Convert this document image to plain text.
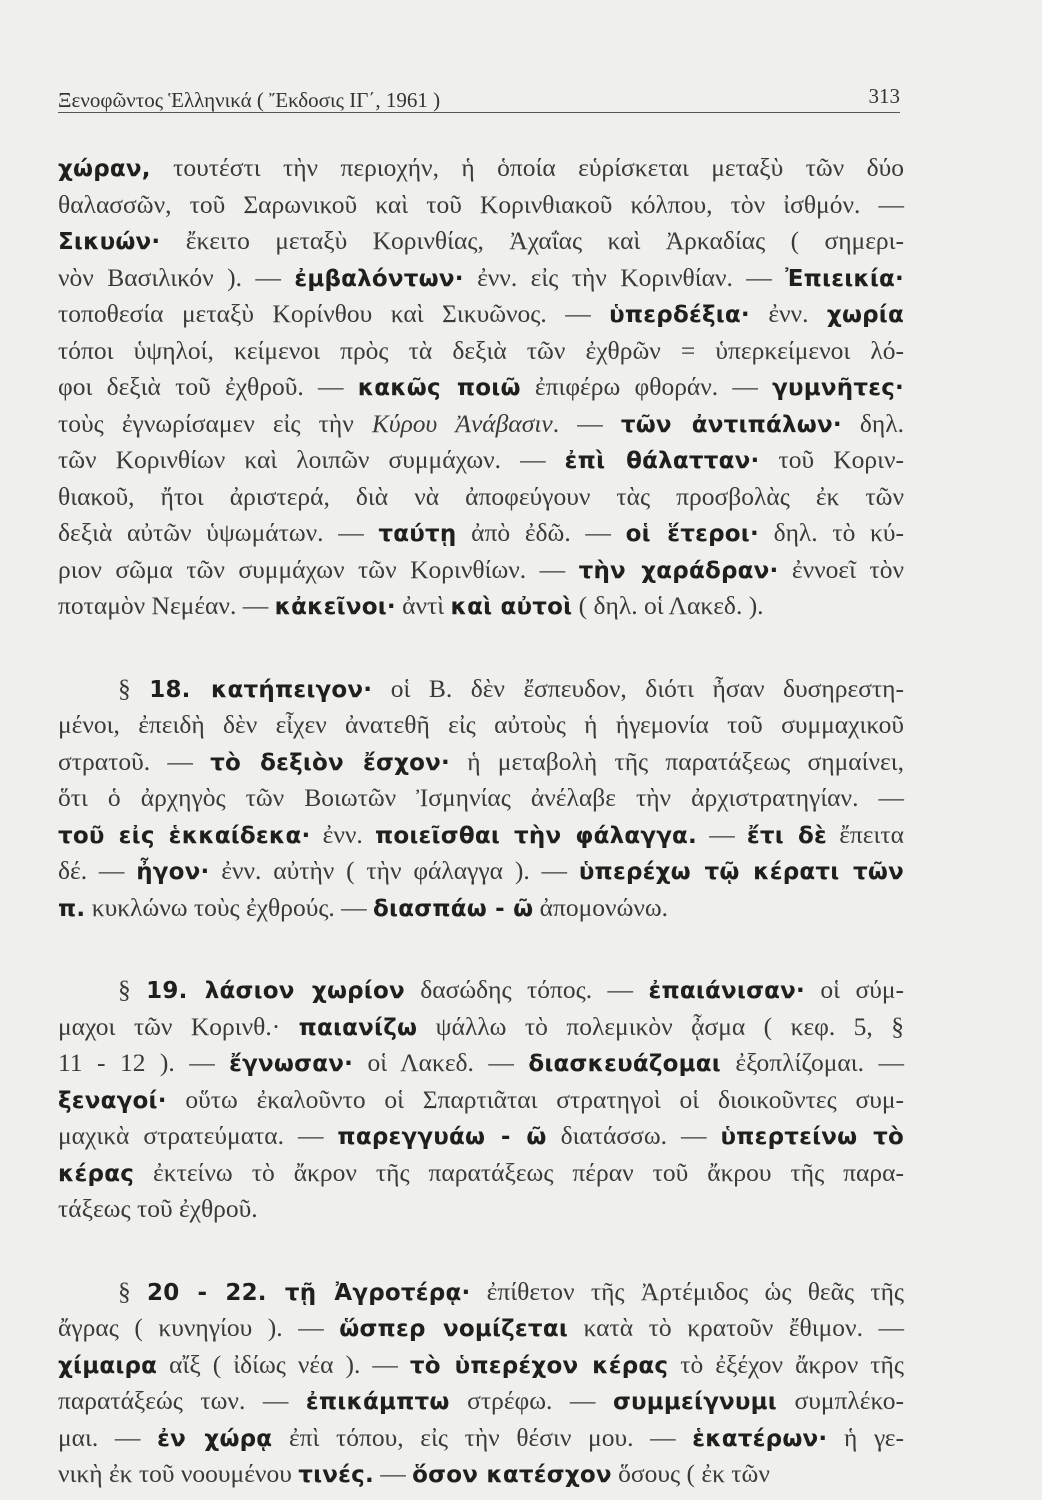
Ξενοφῶντος Ἑλληνικά ( Ἔκδοσις ΙΓ΄, 1961 )	313
χώραν, τουτέστι τὴν περιοχήν, ἡ ὁποία εὑρίσκεται μεταξὺ τῶν δύο
θαλασσῶν, τοῦ Σαρωνικοῦ καὶ τοῦ Κορινθιακοῦ κόλπου, τὸν ἰσθμόν. —
Σικυών· ἔκειτο μεταξὺ Κορινθίας, Ἀχαΐας καὶ Ἀρκαδίας ( σημερι-
νὸν Βασιλικόν ). — ἐμβαλόντων· ἐνν. εἰς τὴν Κορινθίαν. — Ἐπιεικία·
τοποθεσία μεταξὺ Κορίνθου καὶ Σικυῶνος. — ὑπερδέξια· ἐνν. χωρία
τόποι ὑψηλοί, κείμενοι πρὸς τὰ δεξιὰ τῶν ἐχθρῶν = ὑπερκείμενοι λό-
φοι δεξιὰ τοῦ ἐχθροῦ. — κακῶς ποιῶ ἐπιφέρω φθοράν. — γυμνῆτες·
τοὺς ἐγνωρίσαμεν εἰς τὴν Κύρου Ἀνάβασιν. — τῶν ἀντιπάλων· δηλ.
τῶν Κορινθίων καὶ λοιπῶν συμμάχων. — ἐπὶ θάλατταν· τοῦ Κοριν-
θιακοῦ, ἤτοι ἀριστερά, διὰ νὰ ἀποφεύγουν τὰς προσβολὰς ἐκ τῶν
δεξιὰ αὐτῶν ὑψωμάτων. — ταύτῃ ἀπὸ ἐδῶ. — οἱ ἕτεροι· δηλ. τὸ κύ-
ριον σῶμα τῶν συμμάχων τῶν Κορινθίων. — τὴν χαράδραν· ἐννοεῖ τὸν
ποταμὸν Νεμέαν. — κἀκεῖνοι· ἀντὶ καὶ αὐτοὶ ( δηλ. οἱ Λακεδ. ).
§ 18. κατήπειγον· οἱ Β. δὲν ἔσπευδον, διότι ἦσαν δυσηρεστη-
μένοι, ἐπειδὴ δὲν εἶχεν ἀνατεθῆ εἰς αὐτοὺς ἡ ἡγεμονία τοῦ συμμαχικοῦ
στρατοῦ. — τὸ δεξιὸν ἔσχον· ἡ μεταβολὴ τῆς παρατάξεως σημαίνει,
ὅτι ὁ ἀρχηγὸς τῶν Βοιωτῶν Ἰσμηνίας ἀνέλαβε τὴν ἀρχιστρατηγίαν. —
τοῦ εἰς ἑκκαίδεκα· ἐνν. ποιεῖσθαι τὴν φάλαγγα. — ἔτι δὲ ἔπειτα
δέ. — ἦγον· ἐνν. αὐτὴν ( τὴν φάλαγγα ). — ὑπερέχω τῷ κέρατι τῶν
π. κυκλώνω τοὺς ἐχθρούς. — διασπάω - ῶ ἀπομονώνω.
§ 19. λάσιον χωρίον δασώδης τόπος. — ἐπαιάνισαν· οἱ σύμ-
μαχοι τῶν Κορινθ.· παιανίζω ψάλλω τὸ πολεμικὸν ᾆσμα ( κεφ. 5, §
11 - 12 ). — ἔγνωσαν· οἱ Λακεδ. — διασκευάζομαι ἐξοπλίζομαι. —
ξεναγοί· οὕτω ἐκαλοῦντο οἱ Σπαρτιᾶται στρατηγοὶ οἱ διοικοῦντες συμ-
μαχικὰ στρατεύματα. — παρεγγυάω - ῶ διατάσσω. — ὑπερτείνω τὸ
κέρας ἐκτείνω τὸ ἄκρον τῆς παρατάξεως πέραν τοῦ ἄκρου τῆς παρα-
τάξεως τοῦ ἐχθροῦ.
§ 20 - 22. τῇ Ἀγροτέρᾳ· ἐπίθετον τῆς Ἀρτέμιδος ὡς θεᾶς τῆς
ἄγρας ( κυνηγίου ). — ὥσπερ νομίζεται κατὰ τὸ κρατοῦν ἔθιμον. —
χίμαιρα αἴξ ( ἰδίως νέα ). — τὸ ὑπερέχον κέρας τὸ ἐξέχον ἄκρον τῆς
παρατάξεώς των. — ἐπικάμπτω στρέφω. — συμμείγνυμι συμπλέκο-
μαι. — ἐν χώρᾳ ἐπὶ τόπου, εἰς τὴν θέσιν μου. — ἑκατέρων· ἡ γε-
νικὴ ἐκ τοῦ νοουμένου τινές. — ὅσον κατέσχον ὅσους ( ἐκ τῶν
